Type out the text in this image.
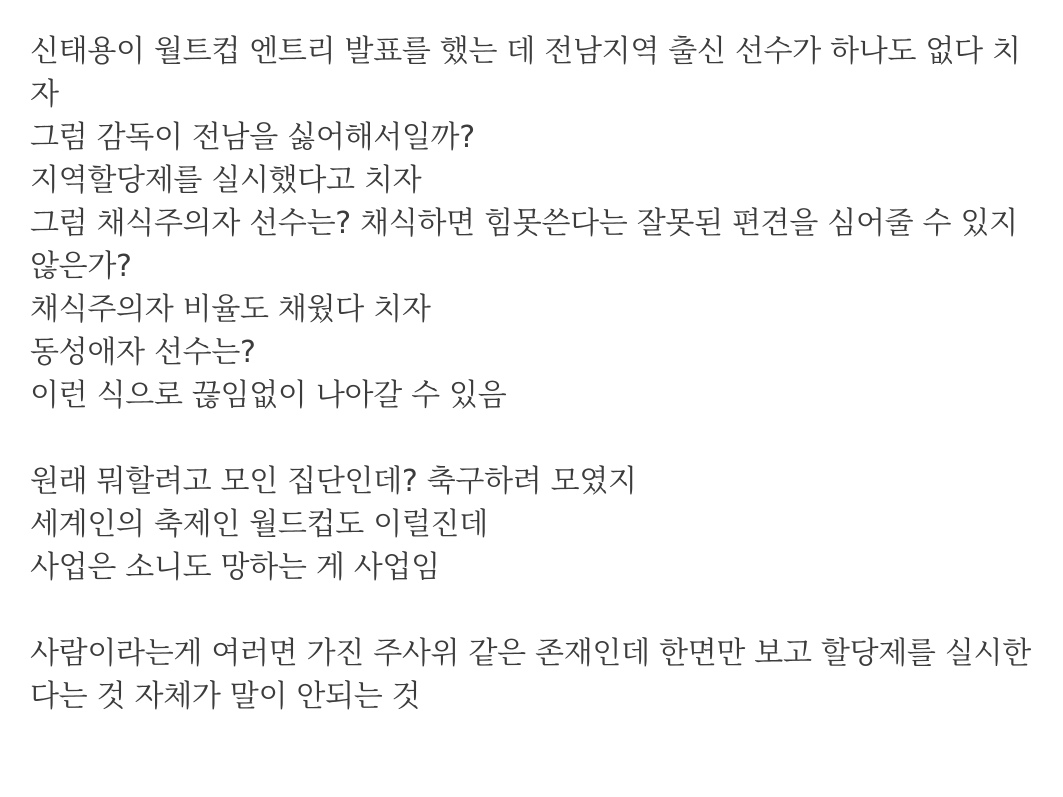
신태용이 월트컵 엔트리 발표를 했는 데 전남지역 출신 선수가 하나도 없다 치자
그럼 감독이 전남을 싫어해서일까?
지역할당제를 실시했다고 치자
그럼 채식주의자 선수는? 채식하면 힘못쓴다는 잘못된 편견을 심어줄 수 있지 않은가?
채식주의자 비율도 채웠다 치자
동성애자 선수는?
이런 식으로 끊임없이 나아갈 수 있음

원래 뭐할려고 모인 집단인데? 축구하려 모였지
세계인의 축제인 월드컵도 이럴진데
사업은 소니도 망하는 게 사업임

사람이라는게 여러면 가진 주사위 같은 존재인데 한면만 보고 할당제를 실시한다는 것 자체가 말이 안되는 것
